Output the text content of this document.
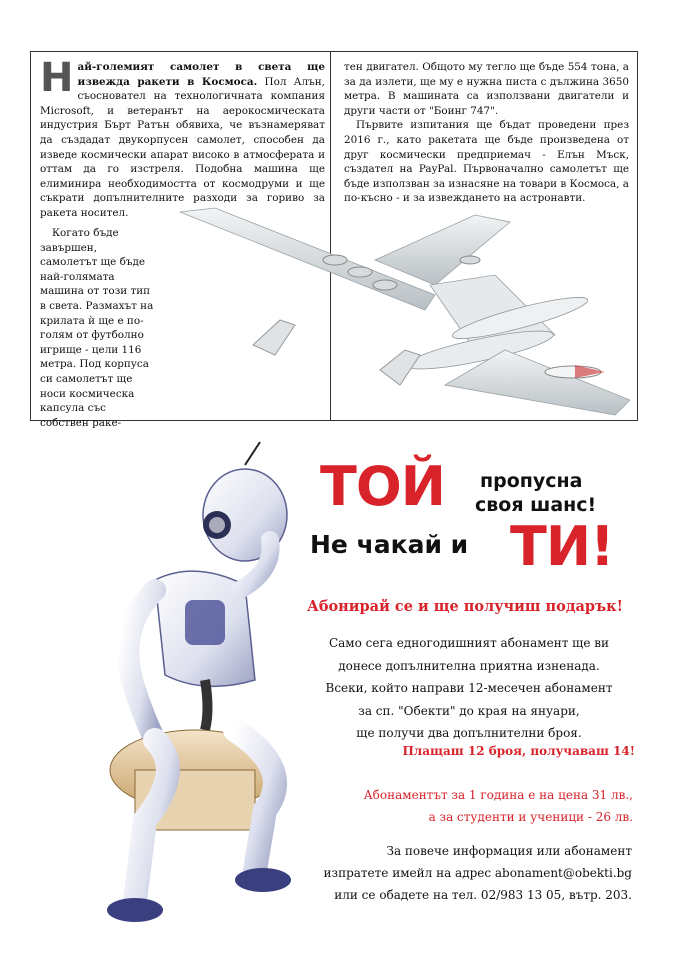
Най-големият самолет в света ще извежда ракети в Космоса. Пол Алън, съосновател на технологичната компания Microsoft, и ветеранът на аерокосмическата индустрия Бърт Ратън обявиха, че възнамеряват да създадат двукорпусен самолет, способен да изведе космически апарат високо в атмосферата и оттам да го изстреля. Подобна машина ще елиминира необходимостта от космодруми и ще съкрати допълнителните разходи за горивo за ракета носител.

Когато бъде завършен, самолетът ще бъде най-голямата машина от този тип в света. Размахът на крилата ѝ ще е по-голям от футболно игрище - цели 116 метра. Под корпуса си самолетът ще носи космическа капсула със собствен раке-

тен двигател. Общото му тегло ще бъде 554 тона, а за да излети, ще му е нужна писта с дължина 3650 метра. В машината са използвани двигатели и други части от "Боинг 747".

Първите изпитания ще бъдат проведени през 2016 г., като ракетата ще бъде произведена от друг космически предприемач - Елън Мъск, създател на PayPal. Първоначално самолетът ще бъде използван за изнасяне на товари в Космоса, а по-късно - и за извеждането на астронавти.

ТОЙ пропусна
своя шанс!
Не чакай и ТИ!
Абонирай се и ще получиш подарък!
Само сега едногодишният абонамент ще ви
донесе допълнителна приятна изненада.
Всеки, който направи 12-месечен абонамент
за сп. "Обекти" до края на януари,
ще получи два допълнителни броя.
Плащаш 12 броя, получаваш 14!
Абонаментът за 1 година е на цена 31 лв.,
а за студенти и ученици - 26 лв.
За повече информация или абонамент
изпратете имейл на адрес abonament@obekti.bg
или се обадете на тел. 02/983 13 05, вътр. 203.
